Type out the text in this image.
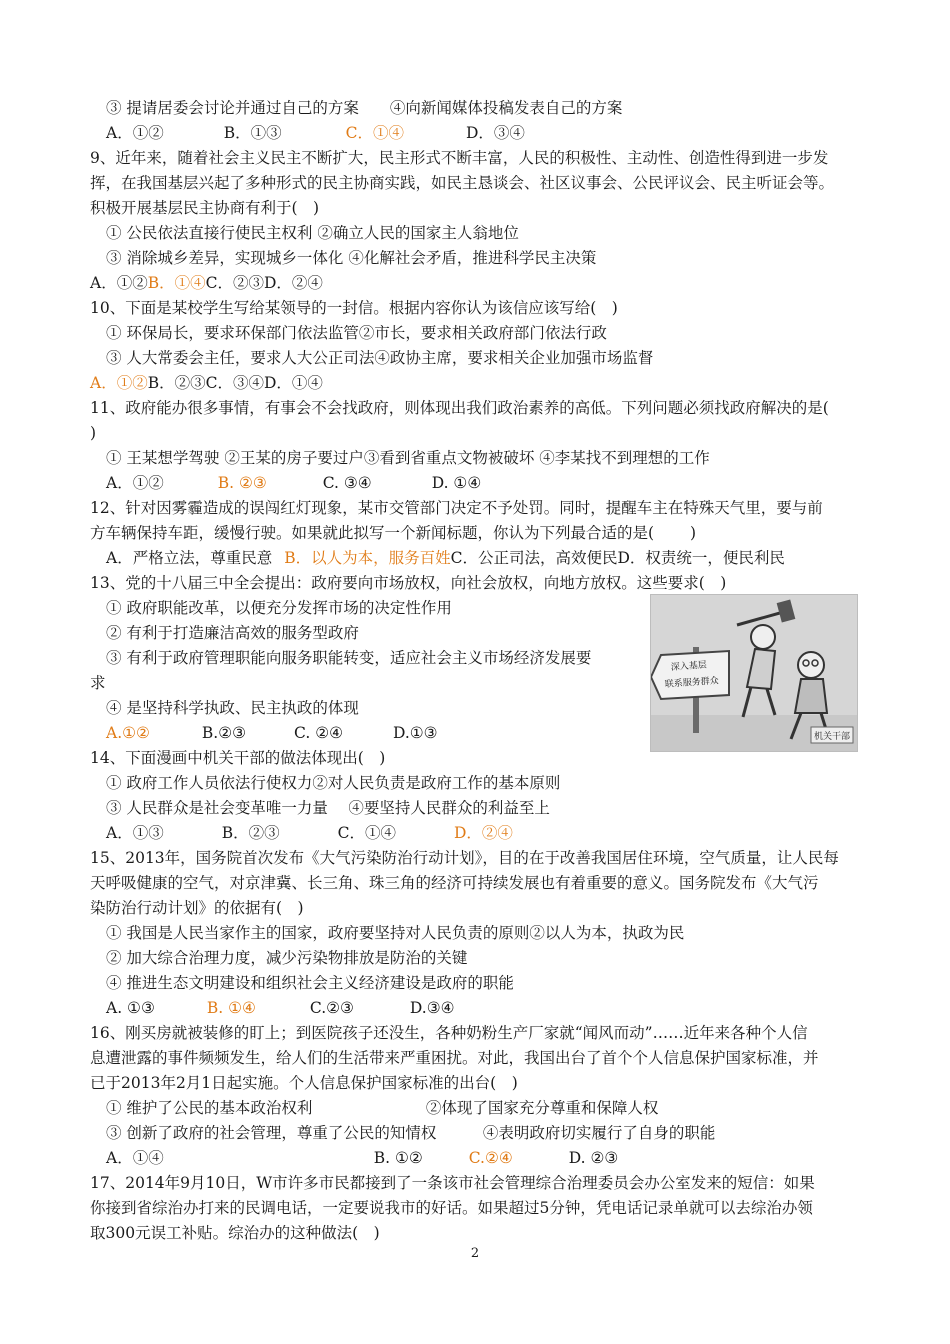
③ 提请居委会讨论并通过自己的方案　　④向新闻媒体投稿发表自己的方案
A．①②	B．①③	C．①④	D．③④
9、近年来，随着社会主义民主不断扩大，民主形式不断丰富，人民的积极性、主动性、创造性得到进一步发
挥，在我国基层兴起了多种形式的民主协商实践，如民主恳谈会、社区议事会、公民评议会、民主听证会等。
积极开展基层民主协商有利于(　)
① 公民依法直接行使民主权利 ②确立人民的国家主人翁地位
③ 消除城乡差异，实现城乡一体化 ④化解社会矛盾，推进科学民主决策
A．①②B．①④C．②③D．②④
10、下面是某校学生写给某领导的一封信。根据内容你认为该信应该写给(　)
① 环保局长，要求环保部门依法监管②市长，要求相关政府部门依法行政
③ 人大常委会主任，要求人大公正司法④政协主席，要求相关企业加强市场监督
A．①②B．②③C．③④D．①④
11、政府能办很多事情，有事会不会找政府，则体现出我们政治素养的高低。下列问题必须找政府解决的是(
)
① 王某想学驾驶 ②王某的房子要过户③看到省重点文物被破坏 ④李某找不到理想的工作
A．①②	B. ②③	C. ③④	D. ①④
12、针对因雾霾造成的误闯红灯现象，某市交管部门决定不予处罚。同时，提醒车主在特殊天气里，要与前
方车辆保持车距，缓慢行驶。如果就此拟写一个新闻标题，你认为下列最合适的是(　　 )
A．严格立法，尊重民意 B．以人为本，服务百姓C．公正司法，高效便民D．权责统一，便民利民
13、党的十八届三中全会提出：政府要向市场放权，向社会放权，向地方放权。这些要求(　)
① 政府职能改革，以便充分发挥市场的决定性作用
② 有利于打造廉洁高效的服务型政府
③ 有利于政府管理职能向服务职能转变，适应社会主义市场经济发展要
求
④ 是坚持科学执政、民主执政的体现
A.①②	B.②③	C. ②④	D.①③
深入基层
联系服务群众
机关干部
14、下面漫画中机关干部的做法体现出(　)
① 政府工作人员依法行使权力②对人民负责是政府工作的基本原则
③ 人民群众是社会变革唯一力量 　④要坚持人民群众的利益至上
A．①③	B．②③	C．①④	D．②④
15、2013年，国务院首次发布《大气污染防治行动计划》，目的在于改善我国居住环境，空气质量，让人民每
天呼吸健康的空气，对京津冀、长三角、珠三角的经济可持续发展也有着重要的意义。国务院发布《大气污
染防治行动计划》的依据有(　)
① 我国是人民当家作主的国家，政府要坚持对人民负责的原则②以人为本，执政为民
② 加大综合治理力度，减少污染物排放是防治的关键
④ 推进生态文明建设和组织社会主义经济建设是政府的职能
A. ①③	B. ①④	C.②③	D.③④
16、刚买房就被装修的盯上；到医院孩子还没生，各种奶粉生产厂家就“闻风而动”……近年来各种个人信
息遭泄露的事件频频发生，给人们的生活带来严重困扰。对此，我国出台了首个个人信息保护国家标准，并
已于2013年2月1日起实施。个人信息保护国家标准的出台(　)
① 维护了公民的基本政治权利　　　　　　　 ②体现了国家充分尊重和保障人权
③ 创新了政府的社会管理，尊重了公民的知情权　　　④表明政府切实履行了自身的职能
A．①④	B. ①②	C.②④	D. ②③
17、2014年9月10日，W市许多市民都接到了一条该市社会管理综合治理委员会办公室发来的短信：如果
你接到省综治办打来的民调电话，一定要说我市的好话。如果超过5分钟，凭电话记录单就可以去综治办领
取300元误工补贴。综治办的这种做法(　)
2
